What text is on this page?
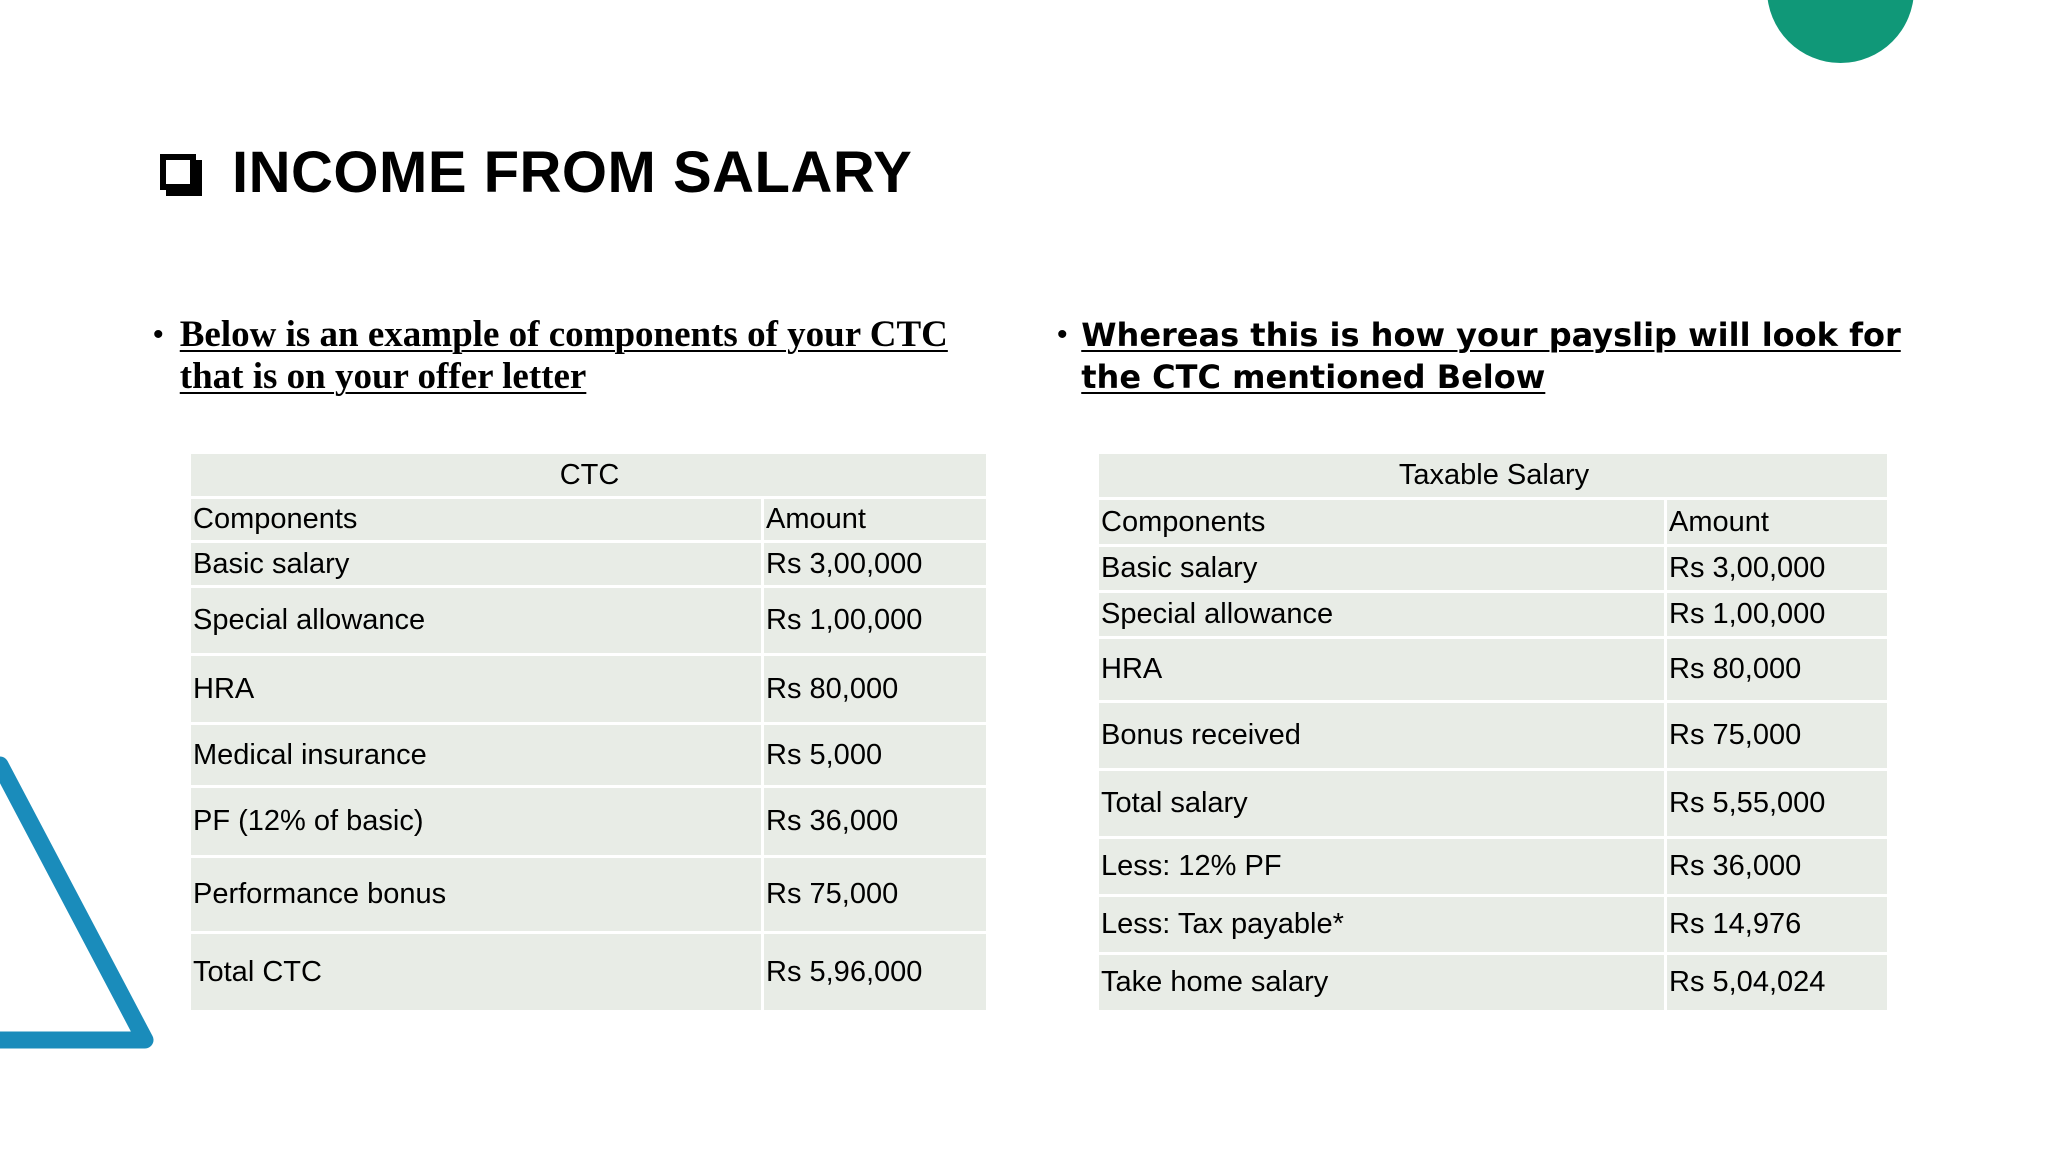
INCOME FROM SALARY
• Below is an example of components of your CTC that is on your offer letter
• Whereas this is how your payslip will look for the CTC mentioned Below
CTC	
Components	Amount
Basic salary	Rs 3,00,000
Special allowance	Rs 1,00,000
HRA	Rs 80,000
Medical insurance	Rs 5,000
PF (12% of basic)	Rs 36,000
Performance bonus	Rs 75,000
Total CTC	Rs 5,96,000
Taxable Salary	
Components	Amount
Basic salary	Rs 3,00,000
Special allowance	Rs 1,00,000
HRA	Rs 80,000
Bonus received	Rs 75,000
Total salary	Rs 5,55,000
Less: 12% PF	Rs 36,000
Less: Tax payable*	Rs 14,976
Take home salary	Rs 5,04,024
